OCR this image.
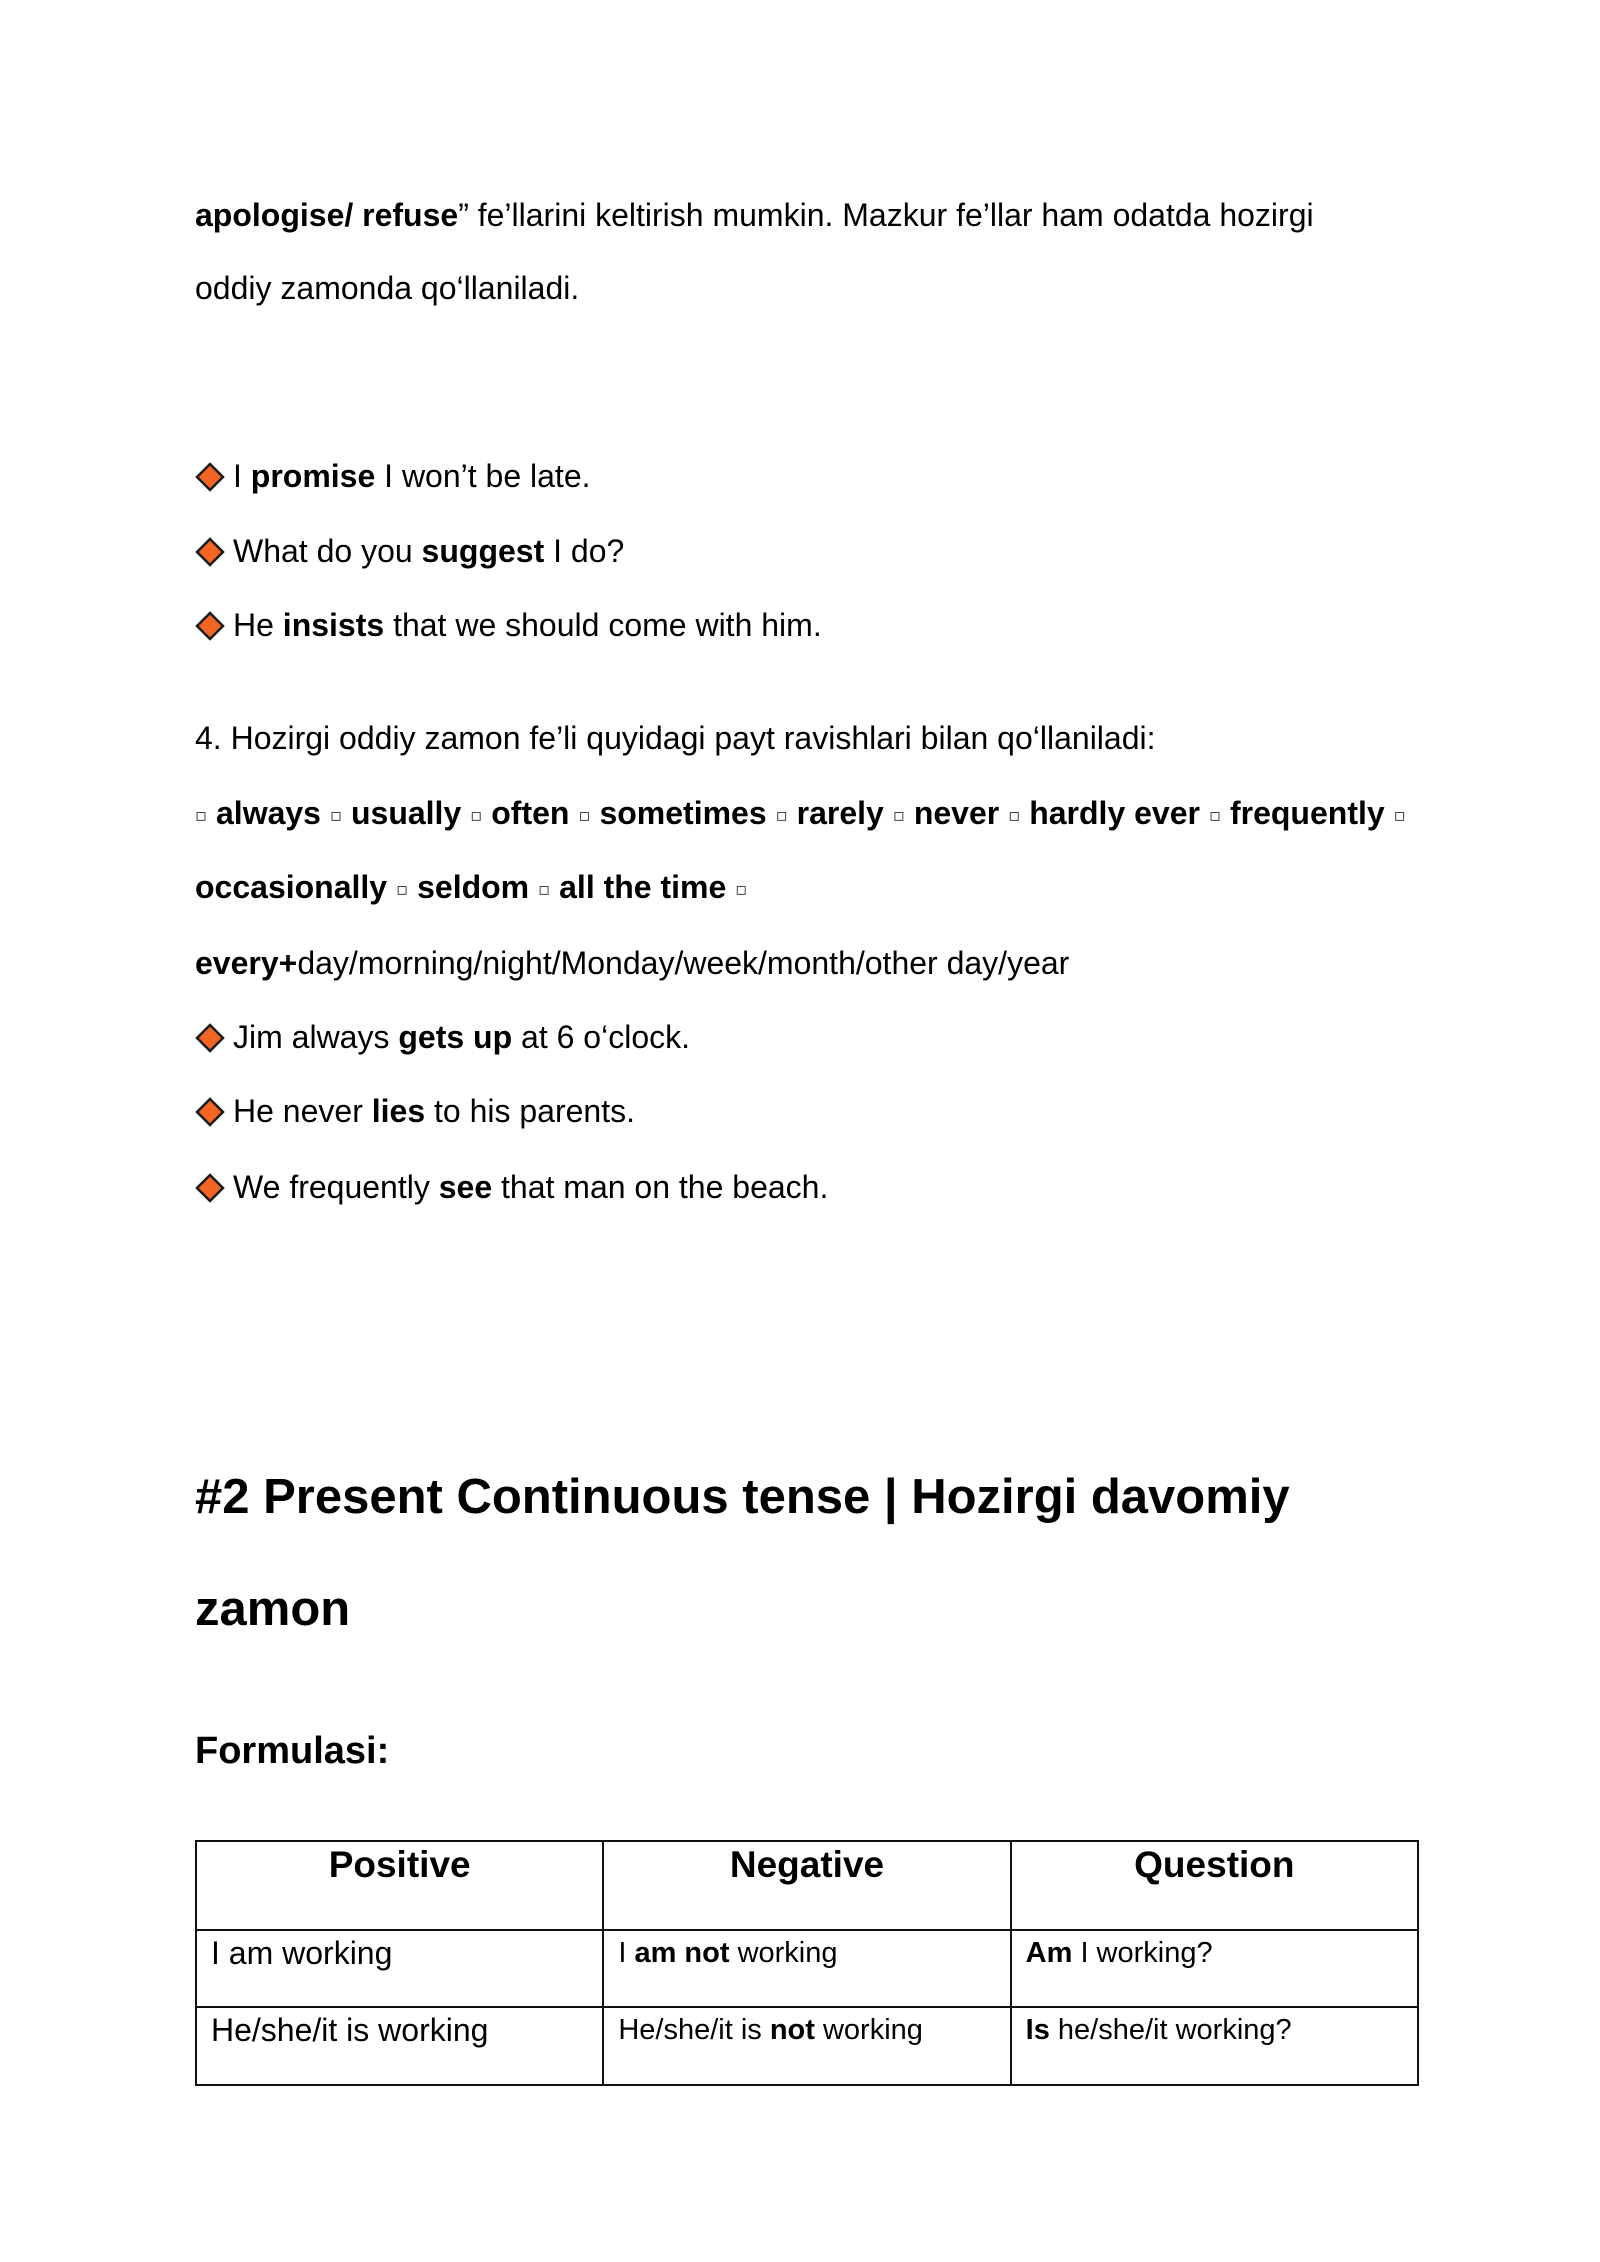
apologise/ refuse” fe’llarini keltirish mumkin. Mazkur fe’llar ham odatda hozirgi
oddiy zamonda qo‘llaniladi.
I promise I won’t be late.
What do you suggest I do?
He insists that we should come with him.
4. Hozirgi oddiy zamon fe’li quyidagi payt ravishlari bilan qo‘llaniladi:
▫ always ▫ usually ▫ often ▫ sometimes ▫ rarely ▫ never ▫ hardly ever ▫ frequently ▫
occasionally ▫ seldom ▫ all the time ▫
every+day/morning/night/Monday/week/month/other day/year
Jim always gets up at 6 o‘clock.
He never lies to his parents.
We frequently see that man on the beach.
#2 Present Continuous tense | Hozirgi davomiy
zamon
Formulasi:
Positive	Negative	Question
I am working	I am not working	Am I working?
He/she/it is working	He/she/it is not working	Is he/she/it working?
